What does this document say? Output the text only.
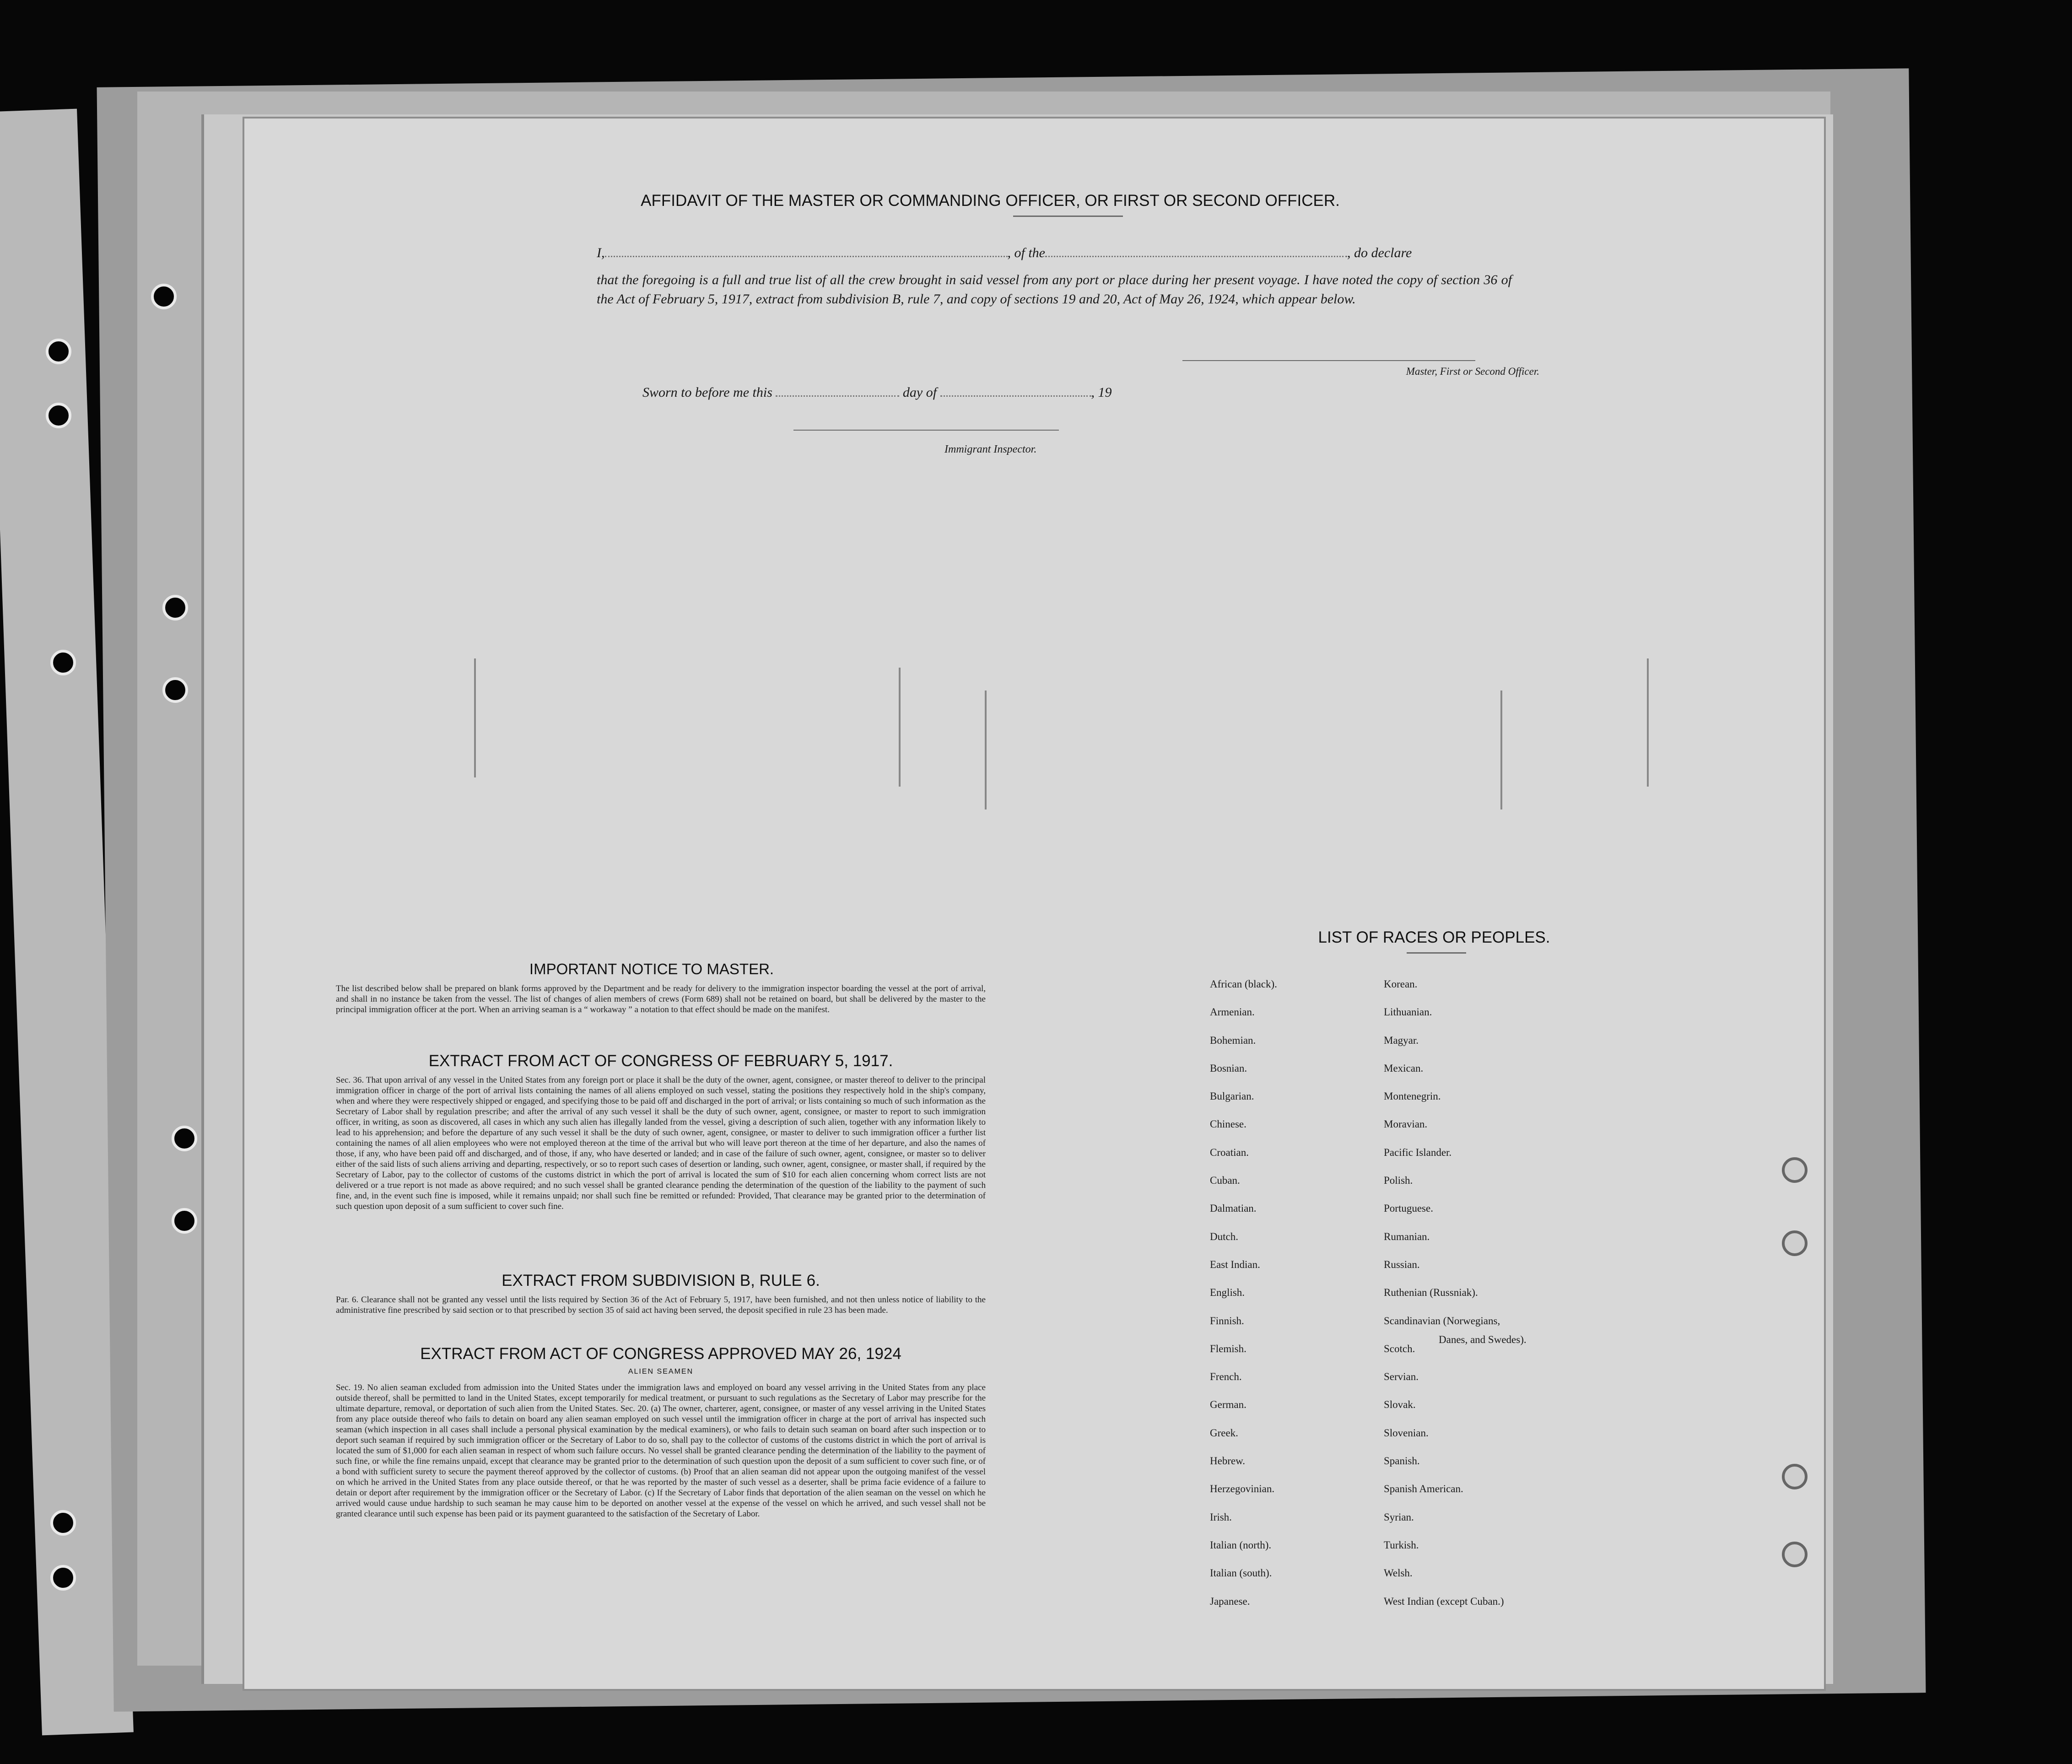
AFFIDAVIT OF THE MASTER OR COMMANDING OFFICER, OR FIRST OR SECOND OFFICER.
I,	, of the	, do declare
that the foregoing is a full and true list of all the crew brought in said vessel from any port or place during her present voyage. I have noted the copy of section 36 of the Act of February 5, 1917, extract from subdivision B, rule 7, and copy of sections 19 and 20, Act of May 26, 1924, which appear below.
Master, First or Second Officer.
Sworn to before me this	day of	, 19
Immigrant Inspector.
IMPORTANT NOTICE TO MASTER.
The list described below shall be prepared on blank forms approved by the Department and be ready for delivery to the immigration inspector boarding the vessel at the port of arrival, and shall in no instance be taken from the vessel. The list of changes of alien members of crews (Form 689) shall not be retained on board, but shall be delivered by the master to the principal immigration officer at the port. When an arriving seaman is a “ workaway ” a notation to that effect should be made on the manifest.
EXTRACT FROM ACT OF CONGRESS OF FEBRUARY 5, 1917.
Sec. 36. That upon arrival of any vessel in the United States from any foreign port or place it shall be the duty of the owner, agent, consignee, or master thereof to deliver to the principal immigration officer in charge of the port of arrival lists containing the names of all aliens employed on such vessel, stating the positions they respectively hold in the ship's company, when and where they were respectively shipped or engaged, and specifying those to be paid off and discharged in the port of arrival; or lists containing so much of such information as the Secretary of Labor shall by regulation prescribe; and after the arrival of any such vessel it shall be the duty of such owner, agent, consignee, or master to report to such immigration officer, in writing, as soon as discovered, all cases in which any such alien has illegally landed from the vessel, giving a description of such alien, together with any information likely to lead to his apprehension; and before the departure of any such vessel it shall be the duty of such owner, agent, consignee, or master to deliver to such immigration officer a further list containing the names of all alien employees who were not employed thereon at the time of the arrival but who will leave port thereon at the time of her departure, and also the names of those, if any, who have been paid off and discharged, and of those, if any, who have deserted or landed; and in case of the failure of such owner, agent, consignee, or master so to deliver either of the said lists of such aliens arriving and departing, respectively, or so to report such cases of desertion or landing, such owner, agent, consignee, or master shall, if required by the Secretary of Labor, pay to the collector of customs of the customs district in which the port of arrival is located the sum of $10 for each alien concerning whom correct lists are not delivered or a true report is not made as above required; and no such vessel shall be granted clearance pending the determination of the question of the liability to the payment of such fine, and, in the event such fine is imposed, while it remains unpaid; nor shall such fine be remitted or refunded: Provided, That clearance may be granted prior to the determination of such question upon deposit of a sum sufficient to cover such fine.
EXTRACT FROM SUBDIVISION B, RULE 6.
Par. 6. Clearance shall not be granted any vessel until the lists required by Section 36 of the Act of February 5, 1917, have been furnished, and not then unless notice of liability to the administrative fine prescribed by said section or to that prescribed by section 35 of said act having been served, the deposit specified in rule 23 has been made.
EXTRACT FROM ACT OF CONGRESS APPROVED MAY 26, 1924
ALIEN SEAMEN
Sec. 19. No alien seaman excluded from admission into the United States under the immigration laws and employed on board any vessel arriving in the United States from any place outside thereof, shall be permitted to land in the United States, except temporarily for medical treatment, or pursuant to such regulations as the Secretary of Labor may prescribe for the ultimate departure, removal, or deportation of such alien from the United States. Sec. 20. (a) The owner, charterer, agent, consignee, or master of any vessel arriving in the United States from any place outside thereof who fails to detain on board any alien seaman employed on such vessel until the immigration officer in charge at the port of arrival has inspected such seaman (which inspection in all cases shall include a personal physical examination by the medical examiners), or who fails to detain such seaman on board after such inspection or to deport such seaman if required by such immigration officer or the Secretary of Labor to do so, shall pay to the collector of customs of the customs district in which the port of arrival is located the sum of $1,000 for each alien seaman in respect of whom such failure occurs. No vessel shall be granted clearance pending the determination of the liability to the payment of such fine, or while the fine remains unpaid, except that clearance may be granted prior to the determination of such question upon the deposit of a sum sufficient to cover such fine, or of a bond with sufficient surety to secure the payment thereof approved by the collector of customs. (b) Proof that an alien seaman did not appear upon the outgoing manifest of the vessel on which he arrived in the United States from any place outside thereof, or that he was reported by the master of such vessel as a deserter, shall be prima facie evidence of a failure to detain or deport after requirement by the immigration officer or the Secretary of Labor. (c) If the Secretary of Labor finds that deportation of the alien seaman on the vessel on which he arrived would cause undue hardship to such seaman he may cause him to be deported on another vessel at the expense of the vessel on which he arrived, and such vessel shall not be granted clearance until such expense has been paid or its payment guaranteed to the satisfaction of the Secretary of Labor.
LIST OF RACES OR PEOPLES.
African (black).
Armenian.
Bohemian.
Bosnian.
Bulgarian.
Chinese.
Croatian.
Cuban.
Dalmatian.
Dutch.
East Indian.
English.
Finnish.
Flemish.
French.
German.
Greek.
Hebrew.
Herzegovinian.
Irish.
Italian (north).
Italian (south).
Japanese.
Korean.
Lithuanian.
Magyar.
Mexican.
Montenegrin.
Moravian.
Pacific Islander.
Polish.
Portuguese.
Rumanian.
Russian.
Ruthenian (Russniak).
Scandinavian (Norwegians,
Scotch.
Servian.
Slovak.
Slovenian.
Spanish.
Spanish American.
Syrian.
Turkish.
Welsh.
West Indian (except Cuban.)
Danes, and Swedes).
